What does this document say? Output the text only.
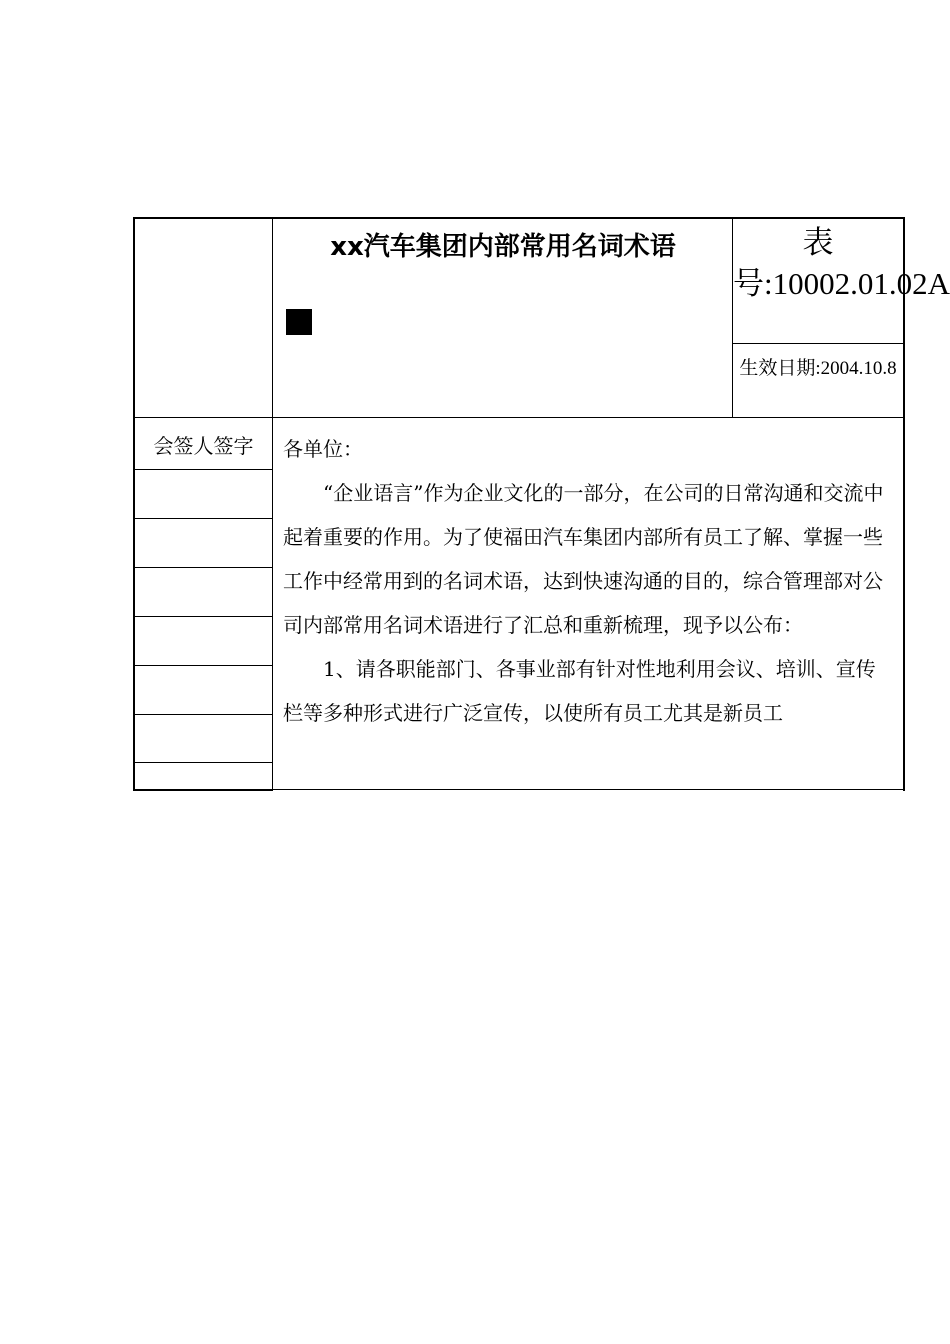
xx汽车集团内部常用名词术语	表号:10002.01.02A
生效日期:2004.10.8
会签人签字	各单位：

“企业语言”作为企业文化的一部分，在公司的日常沟通和交流中起着重要的作用。为了使福田汽车集团内部所有员工了解、掌握一些工作中经常用到的名词术语，达到快速沟通的目的，综合管理部对公司内部常用名词术语进行了汇总和重新梳理，现予以公布：

1、请各职能部门、各事业部有针对性地利用会议、培训、宣传栏等多种形式进行广泛宣传，以使所有员工尤其是新员工
